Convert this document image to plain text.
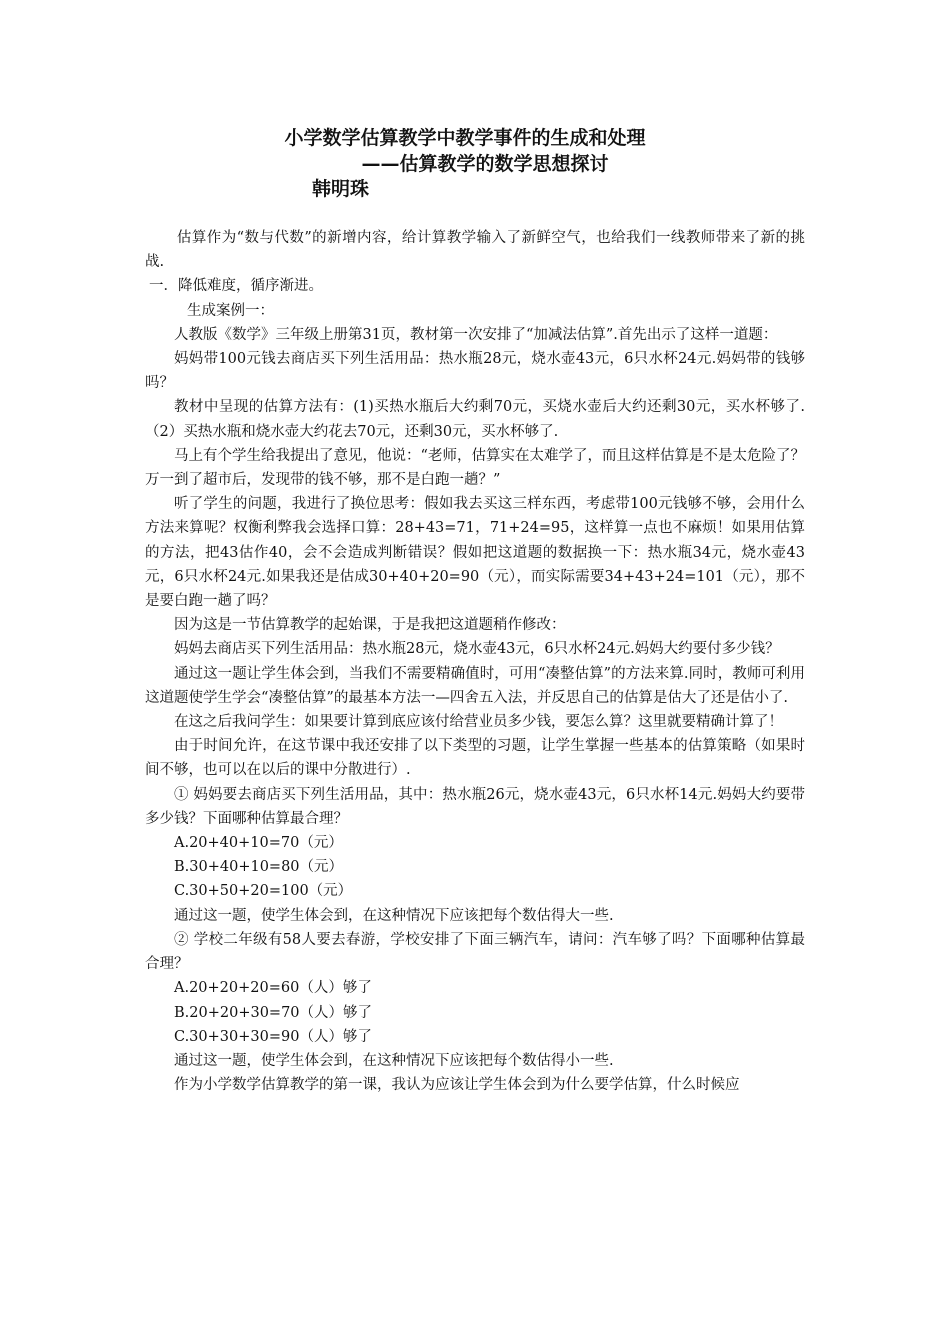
小学数学估算教学中教学事件的生成和处理
——估算教学的数学思想探讨
韩明珠

估算作为“数与代数”的新增内容，给计算教学输入了新鲜空气，也给我们一线教师带来了新的挑战.

一．降低难度，循序渐进。

生成案例一：

人教版《数学》三年级上册第31页，教材第一次安排了“加减法估算”.首先出示了这样一道题：

妈妈带100元钱去商店买下列生活用品：热水瓶28元，烧水壶43元，6只水杯24元.妈妈带的钱够吗？

教材中呈现的估算方法有：(1)买热水瓶后大约剩70元，买烧水壶后大约还剩30元，买水杯够了.（2）买热水瓶和烧水壶大约花去70元，还剩30元，买水杯够了.

马上有个学生给我提出了意见，他说：“老师，估算实在太难学了，而且这样估算是不是太危险了？万一到了超市后，发现带的钱不够，那不是白跑一趟？”

听了学生的问题，我进行了换位思考：假如我去买这三样东西，考虑带100元钱够不够，会用什么方法来算呢？权衡利弊我会选择口算：28+43=71，71+24=95，这样算一点也不麻烦！如果用估算的方法，把43估作40，会不会造成判断错误？假如把这道题的数据换一下：热水瓶34元，烧水壶43元，6只水杯24元.如果我还是估成30+40+20=90（元），而实际需要34+43+24=101（元），那不是要白跑一趟了吗？

因为这是一节估算教学的起始课，于是我把这道题稍作修改：

妈妈去商店买下列生活用品：热水瓶28元，烧水壶43元，6只水杯24元.妈妈大约要付多少钱？

通过这一题让学生体会到，当我们不需要精确值时，可用“凑整估算”的方法来算.同时，教师可利用这道题使学生学会“凑整估算”的最基本方法一—四舍五入法，并反思自己的估算是估大了还是估小了.

在这之后我问学生：如果要计算到底应该付给营业员多少钱，要怎么算？这里就要精确计算了！

由于时间允许，在这节课中我还安排了以下类型的习题，让学生掌握一些基本的估算策略（如果时间不够，也可以在以后的课中分散进行）.

① 妈妈要去商店买下列生活用品，其中：热水瓶26元，烧水壶43元，6只水杯14元.妈妈大约要带多少钱？下面哪种估算最合理？

A.20+40+10=70（元）

B.30+40+10=80（元）

C.30+50+20=100（元）

通过这一题，使学生体会到，在这种情况下应该把每个数估得大一些.

② 学校二年级有58人要去春游，学校安排了下面三辆汽车，请问：汽车够了吗？下面哪种估算最合理？

A.20+20+20=60（人）够了

B.20+20+30=70（人）够了

C.30+30+30=90（人）够了

通过这一题，使学生体会到，在这种情况下应该把每个数估得小一些.

作为小学数学估算教学的第一课，我认为应该让学生体会到为什么要学估算，什么时候应
